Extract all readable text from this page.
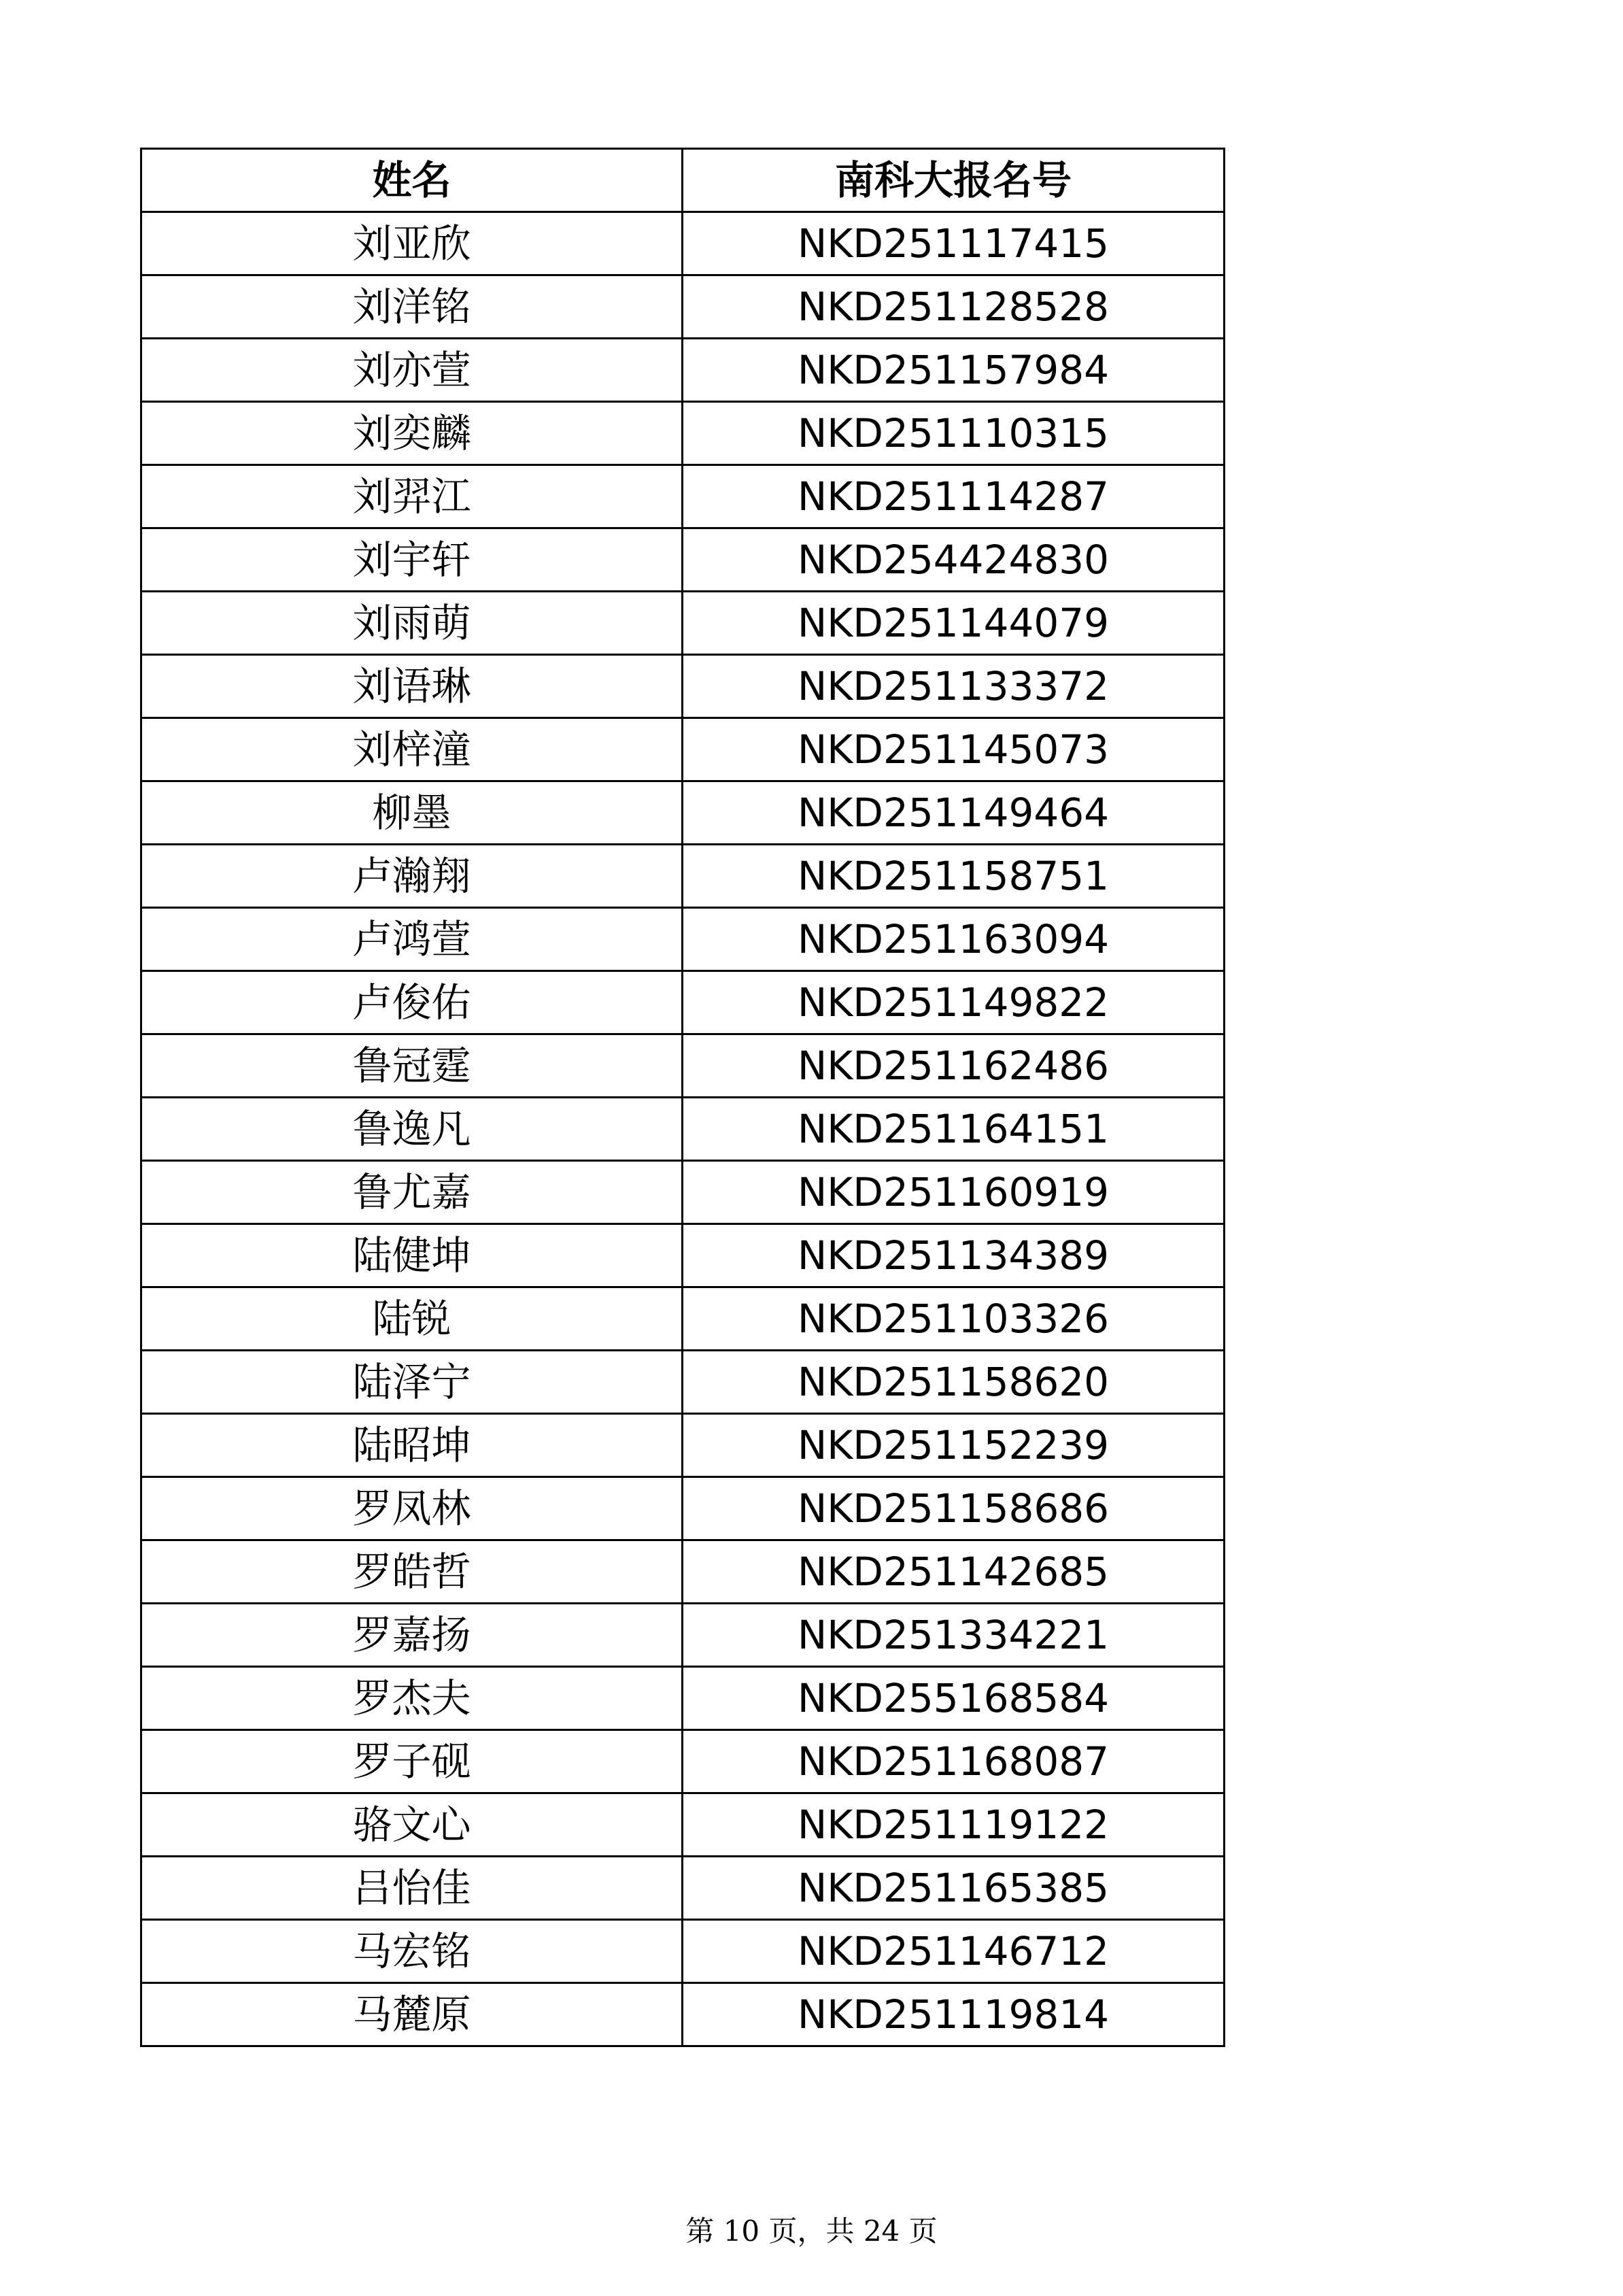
姓名	南科大报名号
刘亚欣	NKD251117415
刘洋铭	NKD251128528
刘亦萱	NKD251157984
刘奕麟	NKD251110315
刘羿江	NKD251114287
刘宇轩	NKD254424830
刘雨萌	NKD251144079
刘语琳	NKD251133372
刘梓潼	NKD251145073
柳墨	NKD251149464
卢瀚翔	NKD251158751
卢鸿萱	NKD251163094
卢俊佑	NKD251149822
鲁冠霆	NKD251162486
鲁逸凡	NKD251164151
鲁尤嘉	NKD251160919
陆健坤	NKD251134389
陆锐	NKD251103326
陆泽宁	NKD251158620
陆昭坤	NKD251152239
罗凤林	NKD251158686
罗皓哲	NKD251142685
罗嘉扬	NKD251334221
罗杰夫	NKD255168584
罗子砚	NKD251168087
骆文心	NKD251119122
吕怡佳	NKD251165385
马宏铭	NKD251146712
马麓原	NKD251119814
第 10 页，共 24 页
